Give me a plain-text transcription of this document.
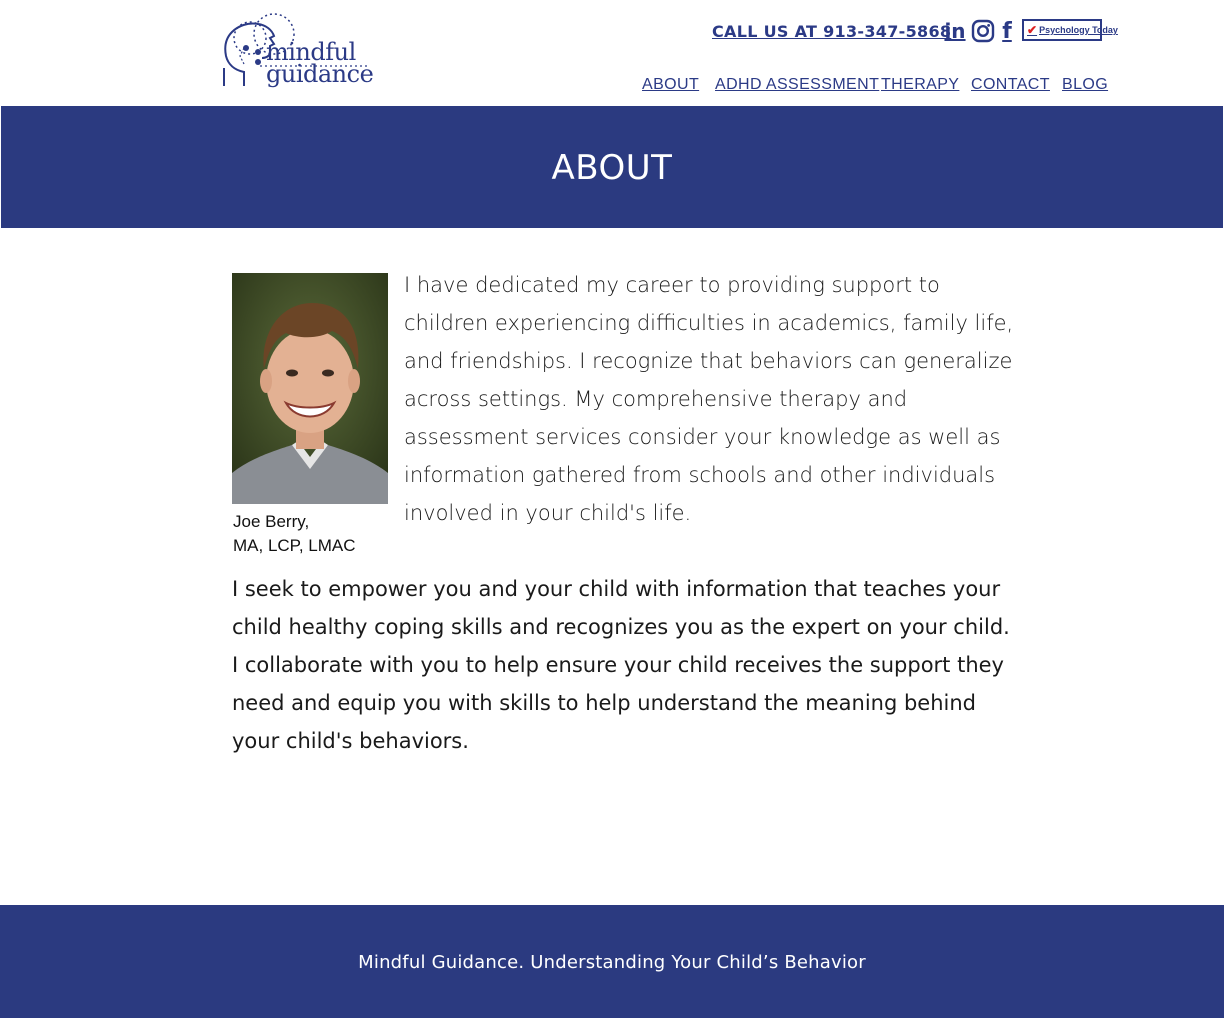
mindful
guidance
CALL US AT 913-347-5868
in f ✔ Psychology Today
ABOUT ADHD ASSESSMENT THERAPY CONTACT BLOG
ABOUT
Joe Berry,
MA, LCP, LMAC

I have dedicated my career to providing support to children experiencing difficulties in academics, family life, and friendships. I recognize that behaviors can generalize across settings. My comprehensive therapy and assessment services consider your knowledge as well as information gathered from schools and other individuals involved in your child's life.

I seek to empower you and your child with information that teaches your child healthy coping skills and recognizes you as the expert on your child. I collaborate with you to help ensure your child receives the support they need and equip you with skills to help understand the meaning behind your child's behaviors.

Mindful Guidance. Understanding Your Child’s Behavior
